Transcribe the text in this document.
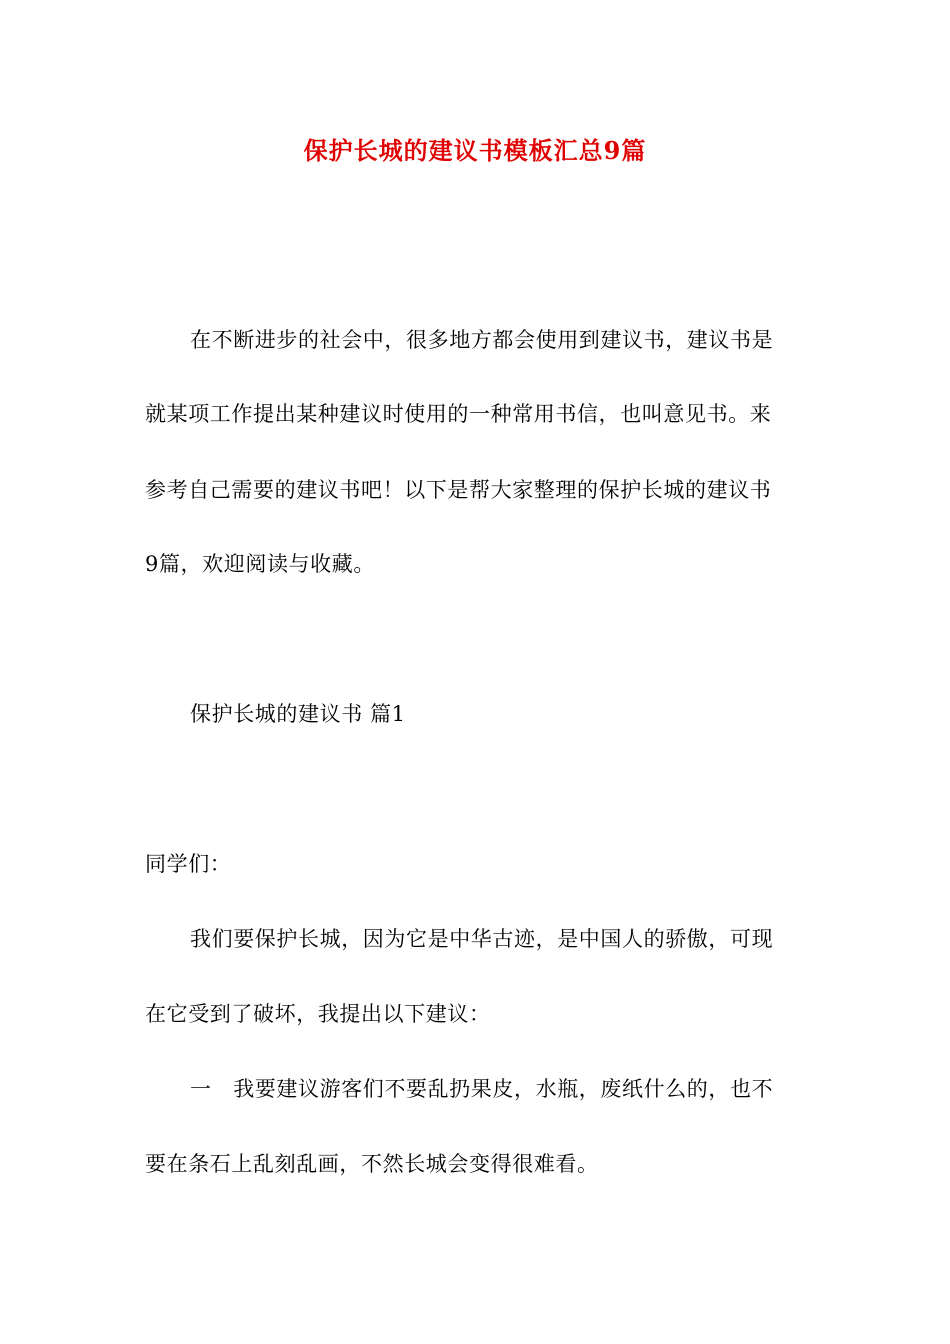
保护长城的建议书模板汇总9篇
在不断进步的社会中，很多地方都会使用到建议书，建议书是
就某项工作提出某种建议时使用的一种常用书信，也叫意见书。来
参考自己需要的建议书吧！以下是帮大家整理的保护长城的建议书
9篇，欢迎阅读与收藏。
保护长城的建议书 篇1
同学们：
我们要保护长城，因为它是中华古迹，是中国人的骄傲，可现
在它受到了破坏，我提出以下建议：
一　我要建议游客们不要乱扔果皮，水瓶，废纸什么的，也不
要在条石上乱刻乱画，不然长城会变得很难看。
